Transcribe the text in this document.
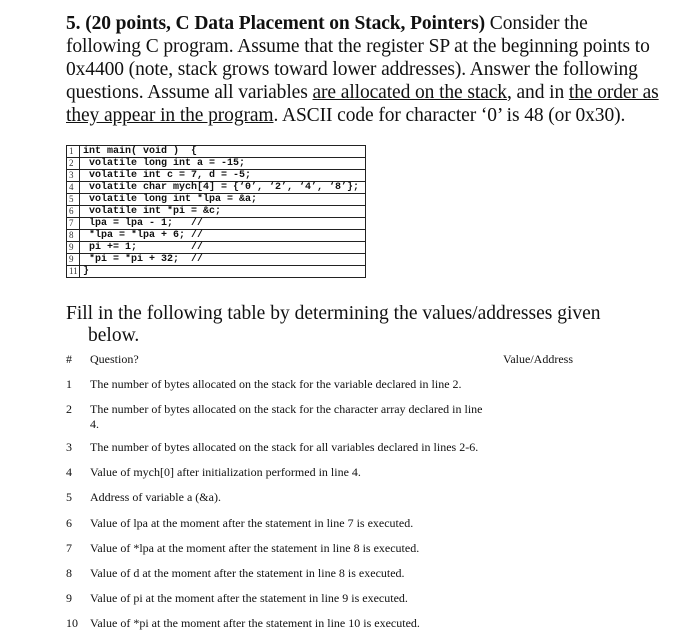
5. (20 points, C Data Placement on Stack, Pointers) Consider the following C program. Assume that the register SP at the beginning points to 0x4400 (note, stack grows toward lower addresses). Answer the following questions. Assume all variables are allocated on the stack, and in the order as they appear in the program. ASCII code for character ‘0’ is 48 (or 0x30).
1	int main( void )  {
2	volatile long int a = -15;
3	volatile int c = 7, d = -5;
4	volatile char mych[4] = {‘0’, ‘2’, ‘4’, ‘8’};
5	volatile long int *lpa = &a;
6	volatile int *pi = &c;
7	lpa = lpa - 1;   //
8	*lpa = *lpa + 6; //
9	pi += 1;         //
9	*pi = *pi + 32;  //
11	}
Fill in the following table by determining the values/addresses given
below.
# Question?	Value/Address
1	The number of bytes allocated on the stack for the variable declared in line 2.
2	The number of bytes allocated on the stack for the character array declared in line 4.
3	The number of bytes allocated on the stack for all variables declared in lines 2-6.
4	Value of mych[0] after initialization performed in line 4.
5	Address of variable a (&a).
6	Value of lpa at the moment after the statement in line 7 is executed.
7	Value of *lpa at the moment after the statement in line 8 is executed.
8	Value of d at the moment after the statement in line 8 is executed.
9	Value of pi at the moment after the statement in line 9 is executed.
10 Value of *pi at the moment after the statement in line 10 is executed.
